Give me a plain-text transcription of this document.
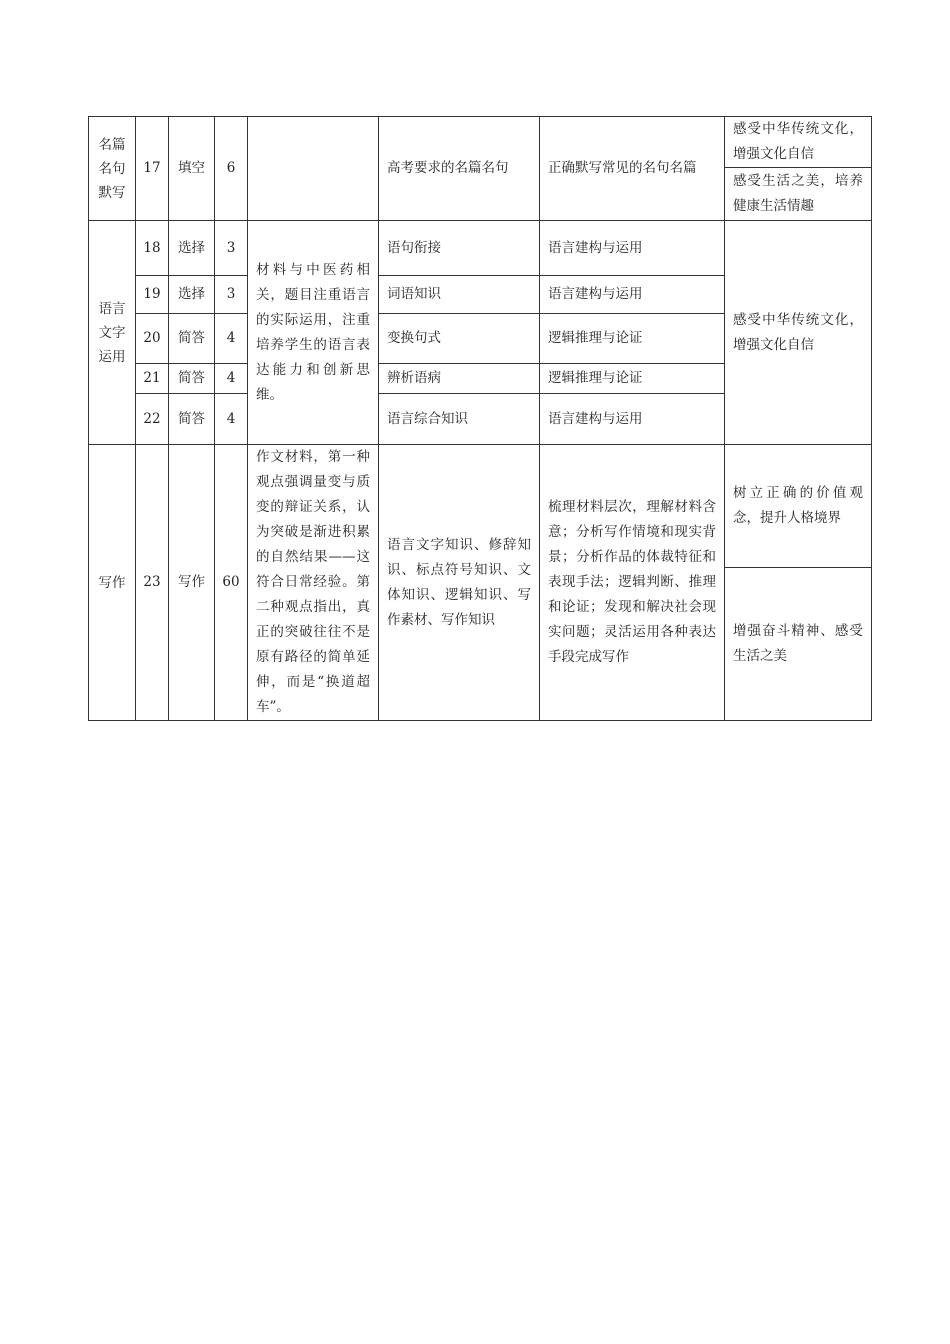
名篇名句默写	17	填空	6		高考要求的名篇名句	正确默写常见的名句名篇	感受中华传统文化，增强文化自信
							感受生活之美，培养健康生活情趣

语言文字运用	18	选择	3	材料与中医药相关，题目注重语言的实际运用，注重培养学生的语言表达能力和创新思维。	语句衔接	语言建构与运用	感受中华传统文化，增强文化自信
	19	选择	3		词语知识	语言建构与运用	
	20	简答	4		变换句式	逻辑推理与论证	
	21	简答	4		辨析语病	逻辑推理与论证	
	22	简答	4		语言综合知识	语言建构与运用	

写作	23	写作	60	作文材料，第一种观点强调量变与质变的辩证关系，认为突破是渐进积累的自然结果——这符合日常经验。第二种观点指出，真正的突破往往不是原有路径的简单延伸，而是“换道超车”。	语言文字知识、修辞知识、标点符号知识、文体知识、逻辑知识、写作素材、写作知识	梳理材料层次，理解材料含意；分析写作情境和现实背景；分析作品的体裁特征和表现手法；逻辑判断、推理和论证；发现和解决社会现实问题；灵活运用各种表达手段完成写作	树立正确的价值观念，提升人格境界
							增强奋斗精神、感受生活之美
